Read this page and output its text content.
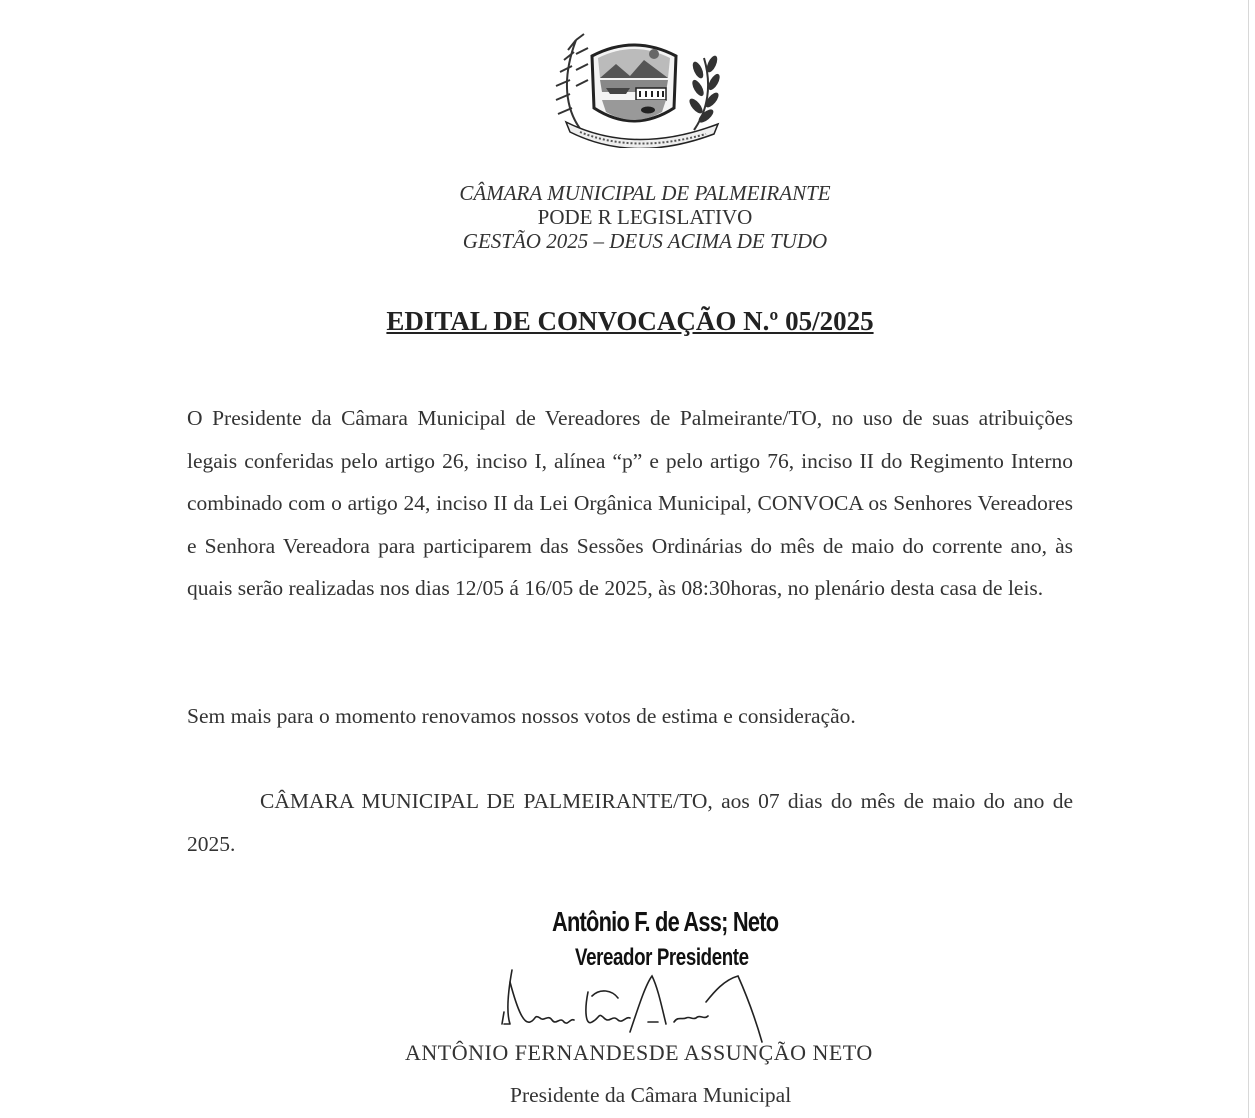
CÂMARA MUNICIPAL DE PALMEIRANTE
PODE R LEGISLATIVO
GESTÃO 2025 – DEUS ACIMA DE TUDO
EDITAL DE CONVOCAÇÃO N.º 05/2025

O Presidente da Câmara Municipal de Vereadores de Palmeirante/TO, no uso de suas atribuições legais conferidas pelo artigo 26, inciso I, alínea “p” e pelo artigo 76, inciso II do Regimento Interno combinado com o artigo 24, inciso II da Lei Orgânica Municipal, CONVOCA os Senhores Vereadores e Senhora Vereadora para participarem das Sessões Ordinárias do mês de maio do corrente ano, às quais serão realizadas nos dias 12/05 á 16/05 de 2025, às 08:30horas, no plenário desta casa de leis.

Sem mais para o momento renovamos nossos votos de estima e consideração.

CÂMARA MUNICIPAL DE PALMEIRANTE/TO, aos 07 dias do mês de maio do ano de 2025.

Antônio F. de Ass; Neto
Vereador Presidente
ANTÔNIO FERNANDESDE ASSUNÇÃO NETO
Presidente da Câmara Municipal
